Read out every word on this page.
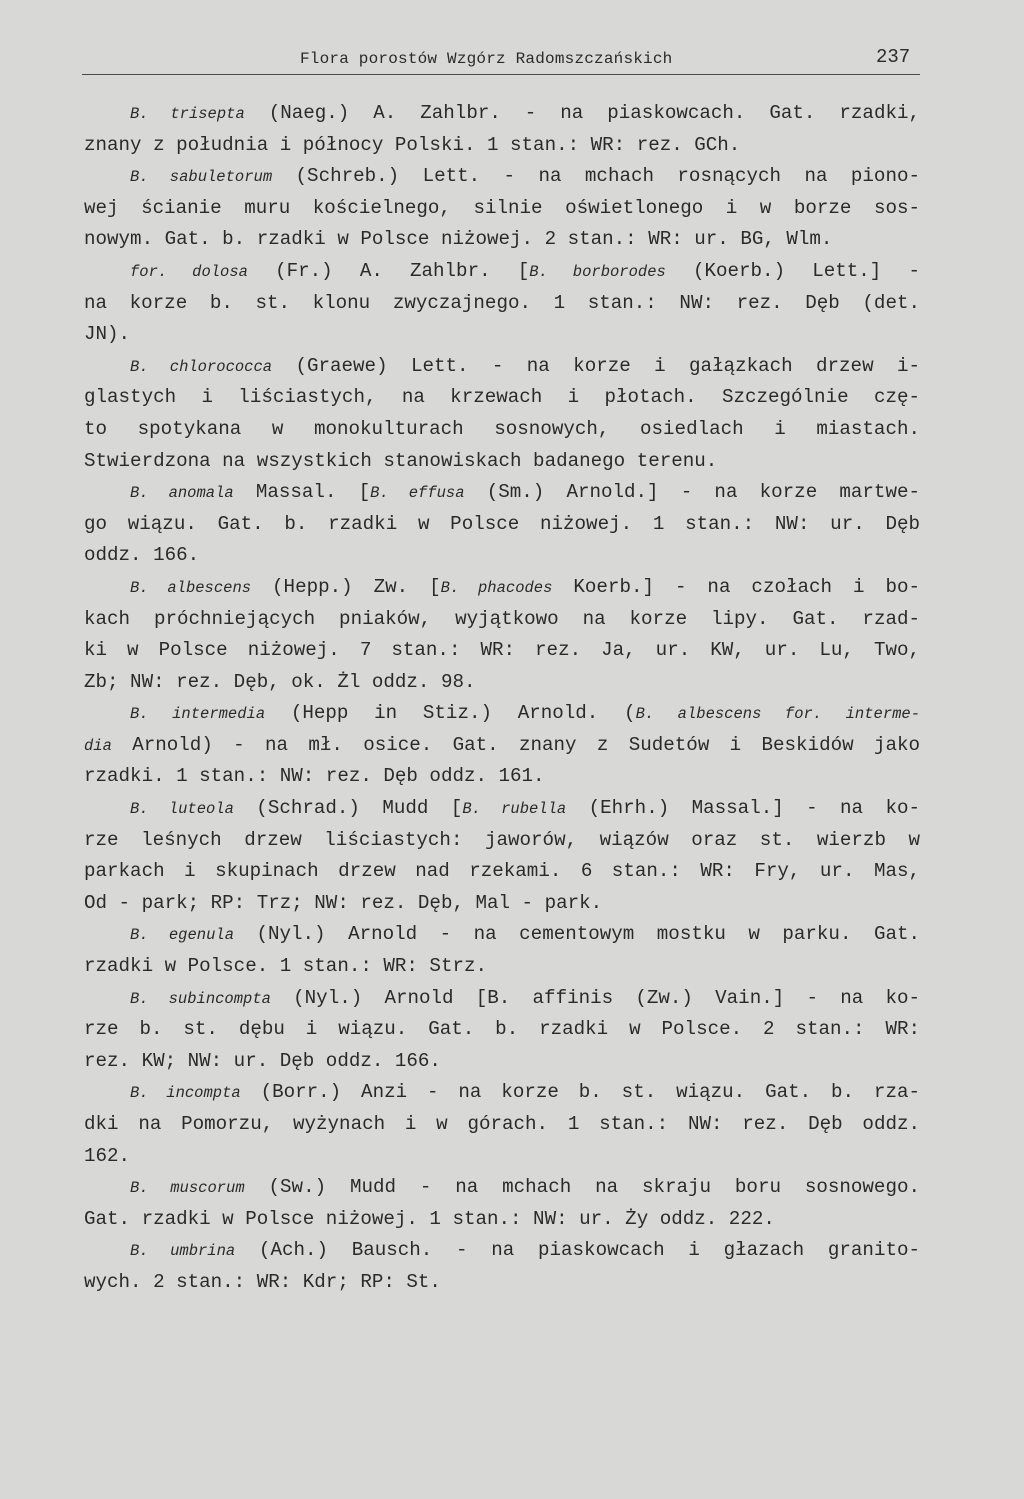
Flora porostów Wzgórz Radomszczańskich	237
B. trisepta (Naeg.) A. Zahlbr. - na piaskowcach. Gat. rzadki,
znany z południa i północy Polski. 1 stan.: WR: rez. GCh.
B. sabuletorum (Schreb.) Lett. - na mchach rosnących na piono-
wej ścianie muru kościelnego, silnie oświetlonego i w borze sos-
nowym. Gat. b. rzadki w Polsce niżowej. 2 stan.: WR: ur. BG, Wlm.
for. dolosa (Fr.) A. Zahlbr. [B. borborodes (Koerb.) Lett.] -
na korze b. st. klonu zwyczajnego. 1 stan.: NW: rez. Dęb (det.
JN).
B. chlorococca (Graewe) Lett. - na korze i gałązkach drzew i-
glastych i liściastych, na krzewach i płotach. Szczególnie czę-
to spotykana w monokulturach sosnowych, osiedlach i miastach.
Stwierdzona na wszystkich stanowiskach badanego terenu.
B. anomala Massal. [B. effusa (Sm.) Arnold.] - na korze martwe-
go wiązu. Gat. b. rzadki w Polsce niżowej. 1 stan.: NW: ur. Dęb
oddz. 166.
B. albescens (Hepp.) Zw. [B. phacodes Koerb.] - na czołach i bo-
kach próchniejących pniaków, wyjątkowo na korze lipy. Gat. rzad-
ki w Polsce niżowej. 7 stan.: WR: rez. Ja, ur. KW, ur. Lu, Two,
Zb; NW: rez. Dęb, ok. Żl oddz. 98.
B. intermedia (Hepp in Stiz.) Arnold. (B. albescens for. interme-
dia Arnold) - na mł. osice. Gat. znany z Sudetów i Beskidów jako
rzadki. 1 stan.: NW: rez. Dęb oddz. 161.
B. luteola (Schrad.) Mudd [B. rubella (Ehrh.) Massal.] - na ko-
rze leśnych drzew liściastych: jaworów, wiązów oraz st. wierzb w
parkach i skupinach drzew nad rzekami. 6 stan.: WR: Fry, ur. Mas,
Od - park; RP: Trz; NW: rez. Dęb, Mal - park.
B. egenula (Nyl.) Arnold - na cementowym mostku w parku. Gat.
rzadki w Polsce. 1 stan.: WR: Strz.
B. subincompta (Nyl.) Arnold [B. affinis (Zw.) Vain.] - na ko-
rze b. st. dębu i wiązu. Gat. b. rzadki w Polsce. 2 stan.: WR:
rez. KW; NW: ur. Dęb oddz. 166.
B. incompta (Borr.) Anzi - na korze b. st. wiązu. Gat. b. rza-
dki na Pomorzu, wyżynach i w górach. 1 stan.: NW: rez. Dęb oddz.
162.
B. muscorum (Sw.) Mudd - na mchach na skraju boru sosnowego.
Gat. rzadki w Polsce niżowej. 1 stan.: NW: ur. Ży oddz. 222.
B. umbrina (Ach.) Bausch. - na piaskowcach i głazach granito-
wych. 2 stan.: WR: Kdr; RP: St.
